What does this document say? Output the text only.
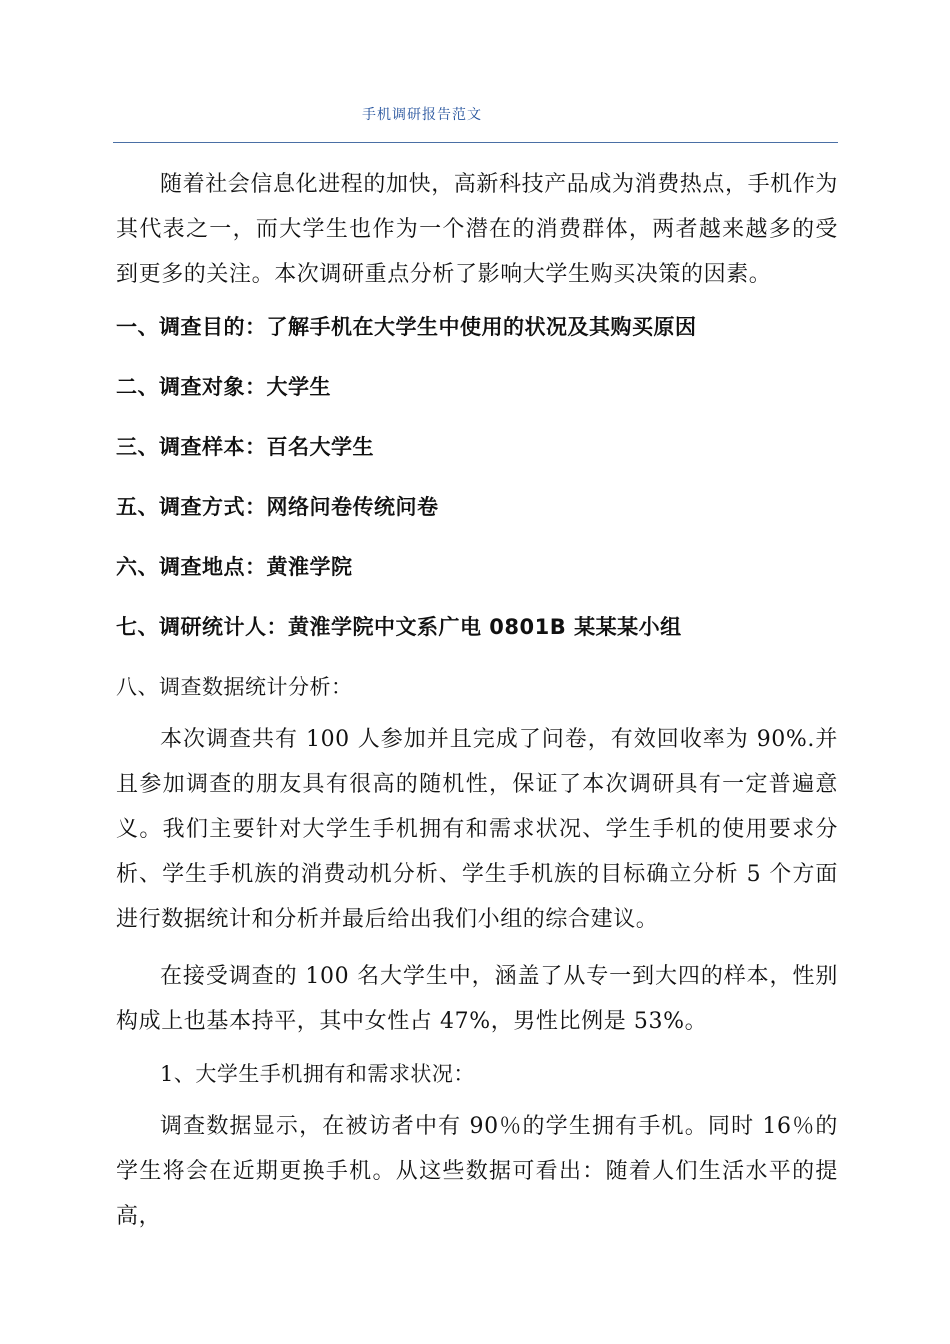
手机调研报告范文

随着社会信息化进程的加快，高新科技产品成为消费热点，手机作为其代表之一，而大学生也作为一个潜在的消费群体，两者越来越多的受到更多的关注。本次调研重点分析了影响大学生购买决策的因素。

一、调查目的：了解手机在大学生中使用的状况及其购买原因
二、调查对象：大学生
三、调查样本：百名大学生
五、调查方式：网络问卷传统问卷
六、调查地点：黄淮学院
七、调研统计人：黄淮学院中文系广电 0801B 某某某小组
八、调查数据统计分析：

本次调查共有 100 人参加并且完成了问卷，有效回收率为 90%.并且参加调查的朋友具有很高的随机性，保证了本次调研具有一定普遍意义。我们主要针对大学生手机拥有和需求状况、学生手机的使用要求分析、学生手机族的消费动机分析、学生手机族的目标确立分析 5 个方面进行数据统计和分析并最后给出我们小组的综合建议。

在接受调查的 100 名大学生中，涵盖了从专一到大四的样本，性别构成上也基本持平，其中女性占 47%，男性比例是 53%。

1、大学生手机拥有和需求状况：

调查数据显示，在被访者中有 90％的学生拥有手机。同时 16％的学生将会在近期更换手机。从这些数据可看出：随着人们生活水平的提高，
